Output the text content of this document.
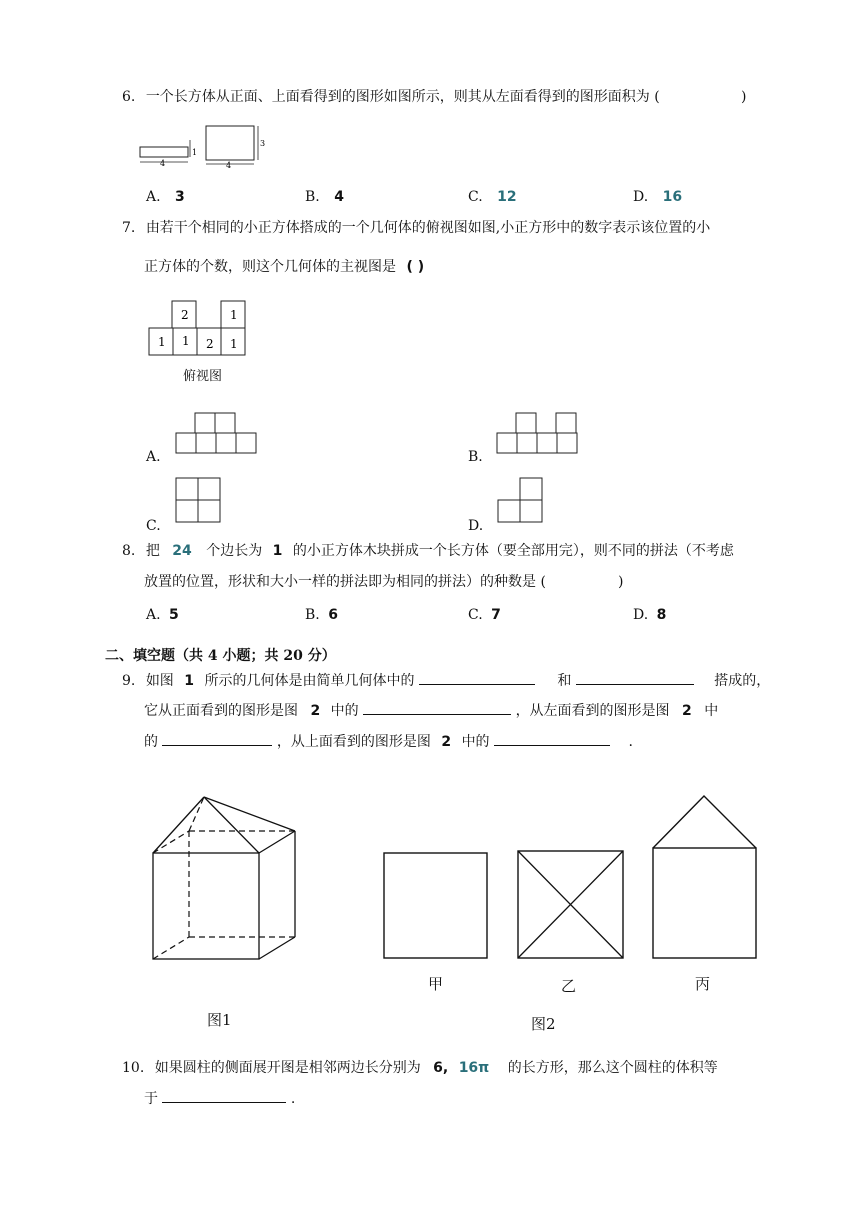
6. 一个长方体从正面、上面看得到的图形如图所示，则其从左面看得到的图形面积为 (	)
4
1
4
3
A. 3	B. 4	C. 12	D. 16
7. 由若干个相同的小正方体搭成的一个几何体的俯视图如图,小正方形中的数字表示该位置的小
正方体的个数，则这个几何体的主视图是 ( )
2	1
1 1 2 1
俯视图
A.	B.
C.	D.
8. 把 24 个边长为 1 的小正方体木块拼成一个长方体（要全部用完），则不同的拼法（不考虑
放置的位置，形状和大小一样的拼法即为相同的拼法）的种数是 (	)
A. 5	B. 6	C. 7	D. 8
二、填空题（共 4 小题；共 20 分）
9. 如图 1 所示的几何体是由简单几何体中的	和	搭成的，
它从正面看到的图形是图 2 中的	，从左面看到的图形是图 2 中
的	，从上面看到的图形是图 2 中的	.
图1
甲	乙	丙
图2
10. 如果圆柱的侧面展开图是相邻两边长分别为 6, 16π 的长方形，那么这个圆柱的体积等
于	.
